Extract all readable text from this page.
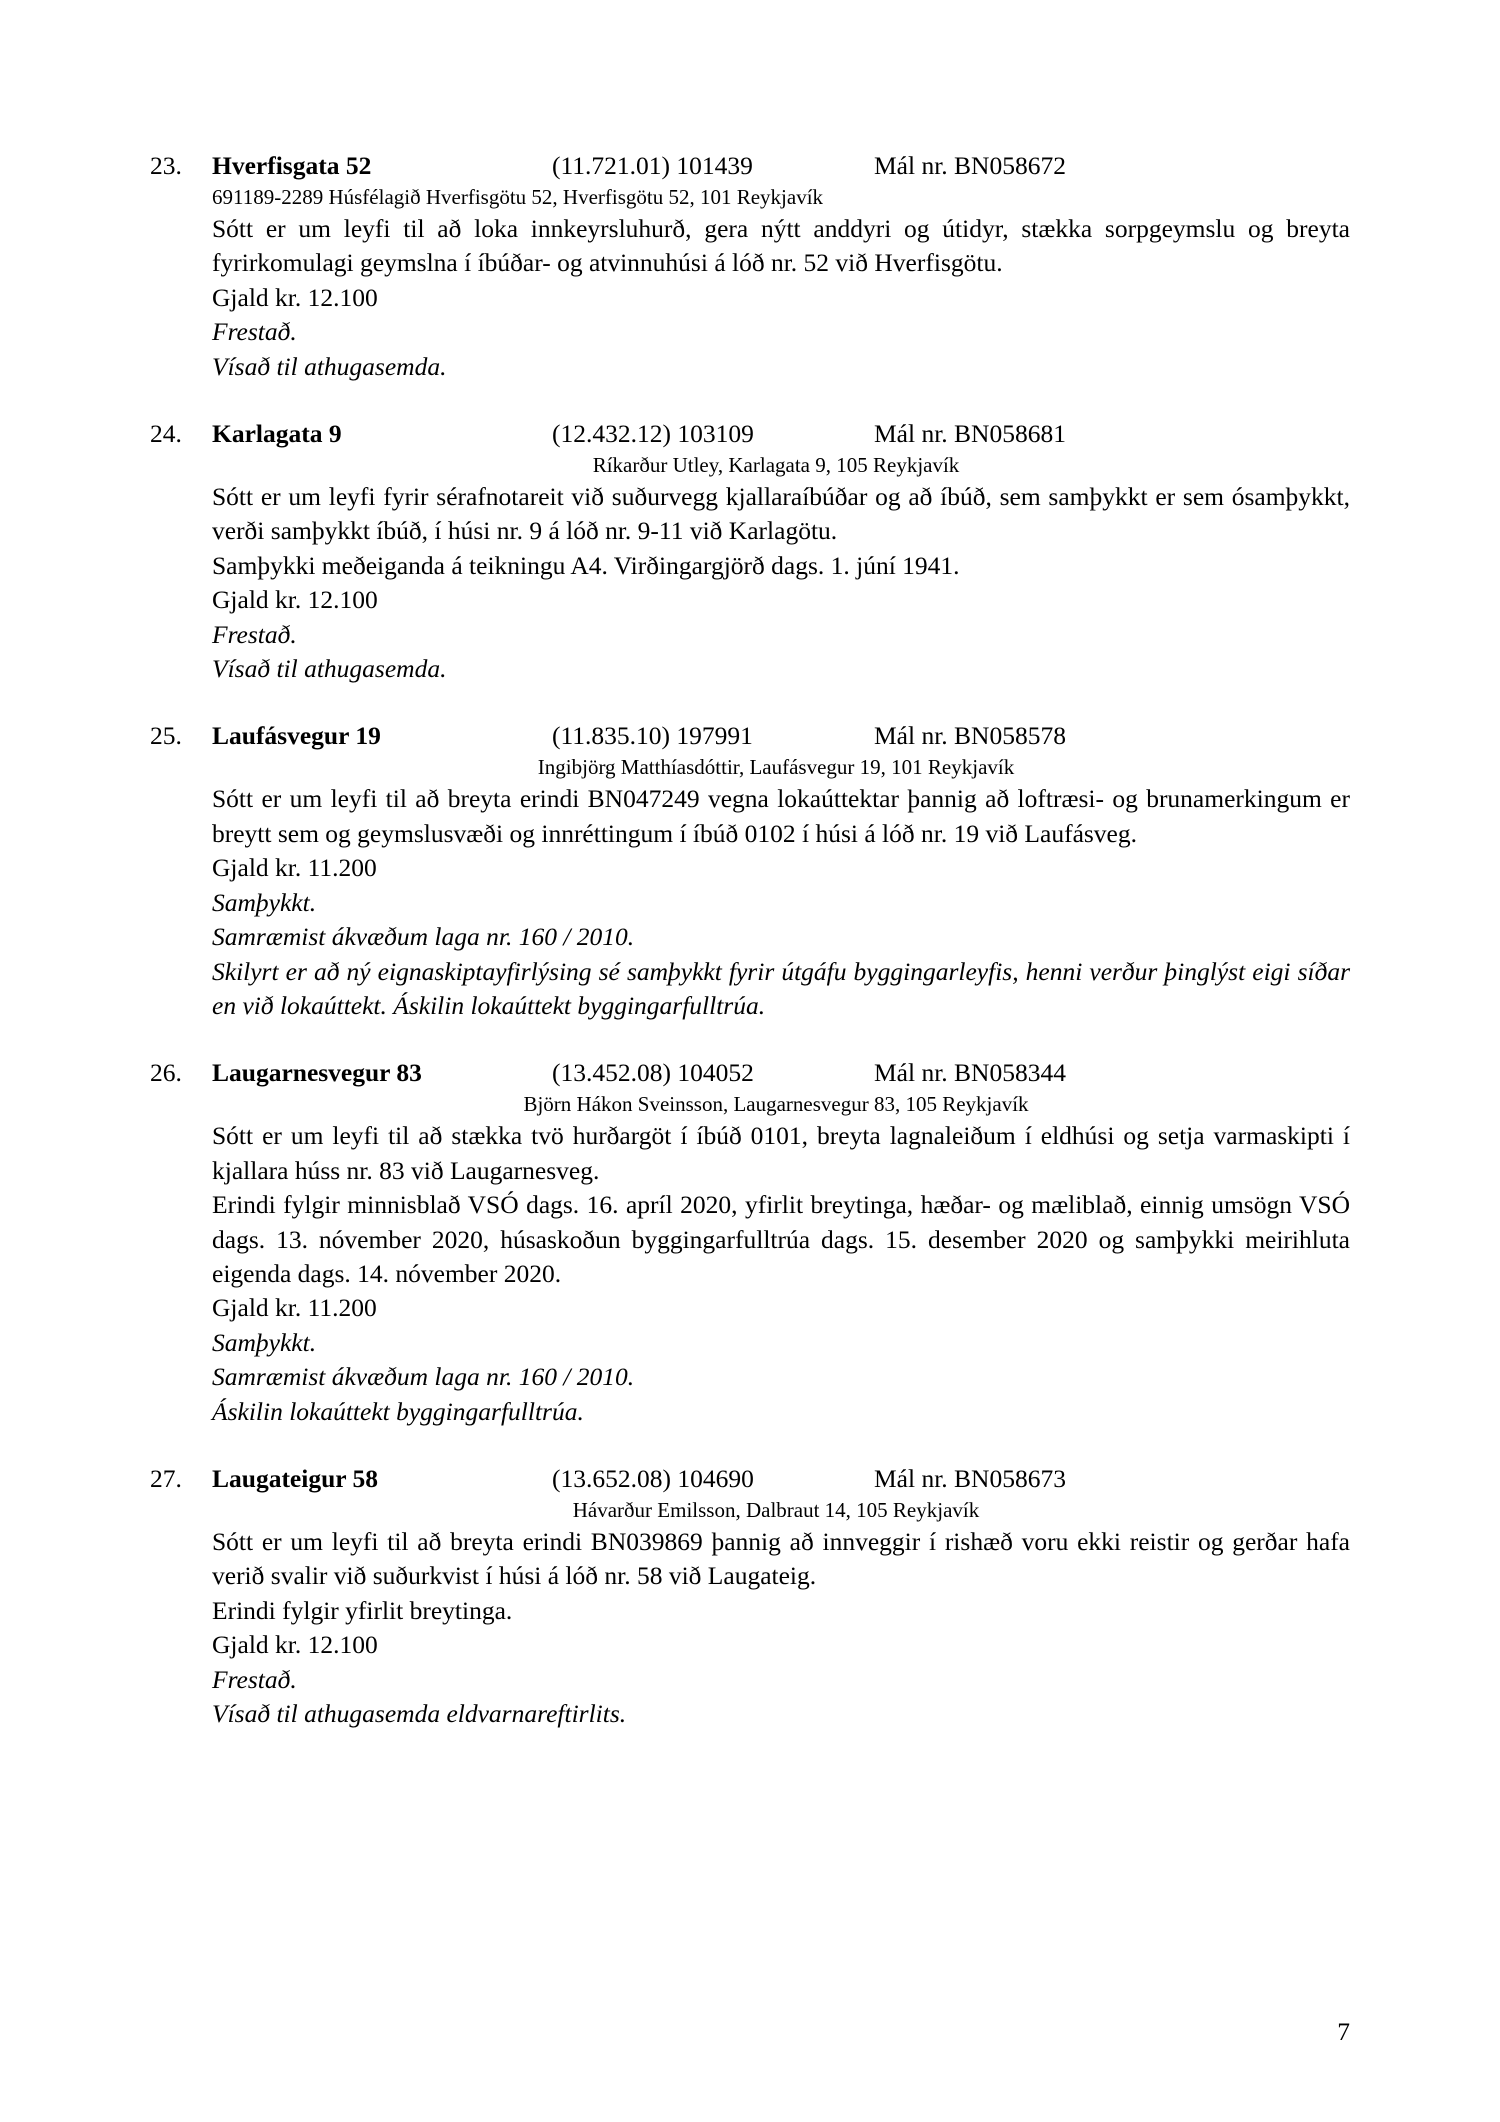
23.	Hverfisgata 52	(11.721.01) 101439	Mál nr. BN058672
691189-2289 Húsfélagið Hverfisgötu 52, Hverfisgötu 52, 101 Reykjavík

Sótt er um leyfi til að loka innkeyrsluhurð, gera nýtt anddyri og útidyr, stækka sorpgeymslu og breyta fyrirkomulagi geymslna í íbúðar- og atvinnuhúsi á lóð nr. 52 við Hverfisgötu.

Gjald kr. 12.100

Frestað.

Vísað til athugasemda.

24.	Karlagata 9	(12.432.12) 103109	Mál nr. BN058681
Ríkarður Utley, Karlagata 9, 105 Reykjavík

Sótt er um leyfi fyrir sérafnotareit við suðurvegg kjallaraíbúðar og að íbúð, sem samþykkt er sem ósamþykkt, verði samþykkt íbúð, í húsi nr. 9 á lóð nr. 9-11 við Karlagötu.

Samþykki meðeiganda á teikningu A4. Virðingargjörð dags. 1. júní 1941.

Gjald kr. 12.100

Frestað.

Vísað til athugasemda.

25.	Laufásvegur 19	(11.835.10) 197991	Mál nr. BN058578
Ingibjörg Matthíasdóttir, Laufásvegur 19, 101 Reykjavík

Sótt er um leyfi til að breyta erindi BN047249 vegna lokaúttektar þannig að loftræsi- og brunamerkingum er breytt sem og geymslusvæði og innréttingum í íbúð 0102 í húsi á lóð nr. 19 við Laufásveg.

Gjald kr. 11.200

Samþykkt.

Samræmist ákvæðum laga nr. 160 / 2010.

Skilyrt er að ný eignaskiptayfirlýsing sé samþykkt fyrir útgáfu byggingarleyfis, henni verður þinglýst eigi síðar en við lokaúttekt. Áskilin lokaúttekt byggingarfulltrúa.

26.	Laugarnesvegur 83	(13.452.08) 104052	Mál nr. BN058344
Björn Hákon Sveinsson, Laugarnesvegur 83, 105 Reykjavík

Sótt er um leyfi til að stækka tvö hurðargöt í íbúð 0101, breyta lagnaleiðum í eldhúsi og setja varmaskipti í kjallara húss nr. 83 við Laugarnesveg.

Erindi fylgir minnisblað VSÓ dags. 16. apríl 2020, yfirlit breytinga, hæðar- og mæliblað, einnig umsögn VSÓ dags. 13. nóvember 2020, húsaskoðun byggingarfulltrúa dags. 15. desember 2020 og samþykki meirihluta eigenda dags. 14. nóvember 2020.

Gjald kr. 11.200

Samþykkt.

Samræmist ákvæðum laga nr. 160 / 2010.

Áskilin lokaúttekt byggingarfulltrúa.

27.	Laugateigur 58	(13.652.08) 104690	Mál nr. BN058673
Hávarður Emilsson, Dalbraut 14, 105 Reykjavík

Sótt er um leyfi til að breyta erindi BN039869 þannig að innveggir í rishæð voru ekki reistir og gerðar hafa verið svalir við suðurkvist í húsi á lóð nr. 58 við Laugateig.

Erindi fylgir yfirlit breytinga.

Gjald kr. 12.100

Frestað.

Vísað til athugasemda eldvarnareftirlits.

7
